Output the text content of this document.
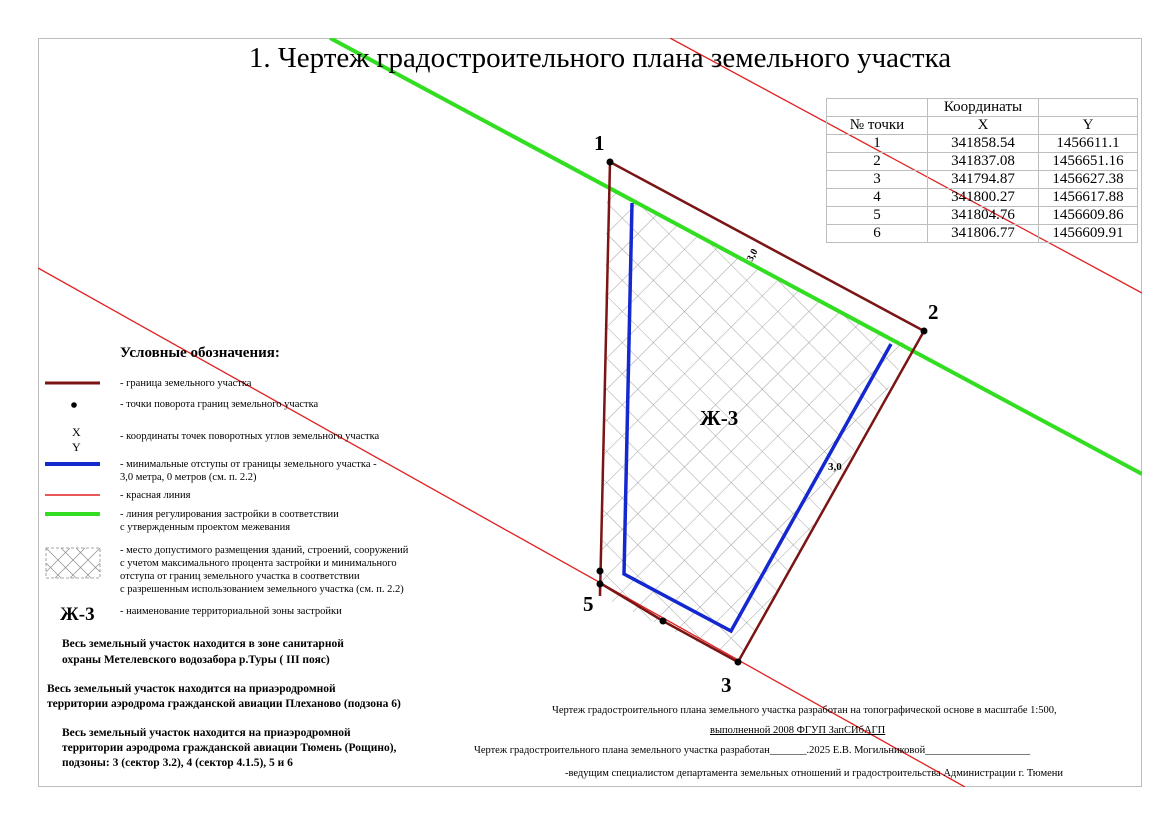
1
2
3
5
Ж-3
3,0
3,0
1. Чертеж градостроительного плана земельного участка
	Координаты	
№ точки	X	Y
1	341858.54	1456611.1
2	341837.08	1456651.16
3	341794.87	1456627.38
4	341800.27	1456617.88
5	341804.76	1456609.86
6	341806.77	1456609.91
Условные обозначения:
- граница земельного участка
- точки поворота границ земельного участка
X
Y
- координаты точек поворотных углов земельного участка
- минимальные отступы от границы земельного участка -
3,0 метра, 0 метров (см. п. 2.2)
- красная линия
- линия регулирования застройки в соответствии
с утвержденным проектом межевания
- место допустимого размещения зданий, строений, сооружений
с учетом максимального процента застройки и минимального
отступа от границ земельного участка в соответствии
с разрешенным использованием земельного участка (см. п. 2.2)
Ж-3 - наименование территориальной зоны застройки
Весь земельный участок находится в зоне санитарной
охраны Метелевского водозабора р.Туры ( III пояс)
Весь земельный участок находится на приаэродромной
территории аэродрома гражданской авиации Плеханово (подзона 6)
Весь земельный участок находится на приаэродромной
территории аэродрома гражданской авиации Тюмень (Рощино),
подзоны: 3 (сектор 3.2), 4 (сектор 4.1.5), 5 и 6
Чертеж градостроительного плана земельного участка разработан на топографической основе в масштабе 1:500,
выполненной 2008 ФГУП ЗапСИбАГП
Чертеж градостроительного плана земельного участка разработан_______.2025 Е.В. Могильниковой____________________
-ведущим специалистом департамента земельных отношений и градостроительства Администрации г. Тюмени
